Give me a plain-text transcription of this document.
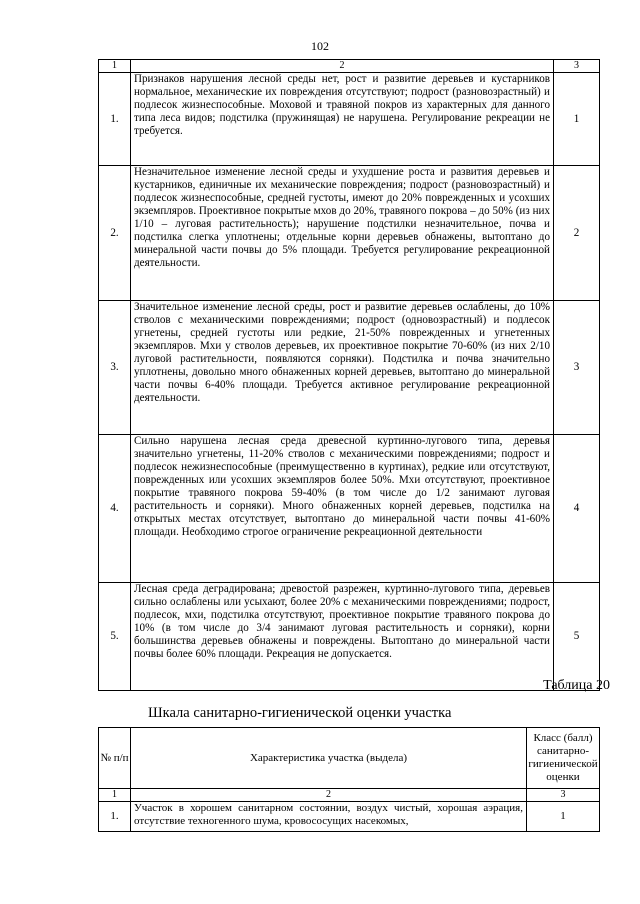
102
1	2	3
1.	Признаков нарушения лесной среды нет, рост и развитие деревьев и кустарников нормальное, механические их повреждения отсутствуют; подрост (разновозрастный) и подлесок жизнеспособные. Моховой и травяной покров из характерных для данного типа леса видов; подстилка (пружинящая) не нарушена. Регулирование рекреации не требуется.	1
2.	Незначительное изменение лесной среды и ухудшение роста и развития деревьев и кустарников, единичные их механические повреждения; подрост (разновозрастный) и подлесок жизнеспособные, средней густоты, имеют до 20% поврежденных и усохших экземпляров. Проективное покрытые мхов до 20%, травяного покрова – до 50% (из них 1/10 – луговая растительность); нарушение подстилки незначительное, почва и подстилка слегка уплотнены; отдельные корни деревьев обнажены, вытоптано до минеральной части почвы до 5% площади. Требуется регулирование рекреационной деятельности.	2
3.	Значительное изменение лесной среды, рост и развитие деревьев ослаблены, до 10% стволов с механическими повреждениями; подрост (одновозрастный) и подлесок угнетены, средней густоты или редкие, 21-50% поврежденных и угнетенных экземпляров. Мхи у стволов деревьев, их проективное покрытие 70-60% (из них 2/10 луговой растительности, появляются сорняки). Подстилка и почва значительно уплотнены, довольно много обнаженных корней деревьев, вытоптано до минеральной части почвы 6-40% площади. Требуется активное регулирование рекреационной деятельности.	3
4.	Сильно нарушена лесная среда древесной куртинно-лугового типа, деревья значительно угнетены, 11-20% стволов с механическими повреждениями; подрост и подлесок нежизнеспособные (преимущественно в куртинах), редкие или отсутствуют, поврежденных или усохших экземпляров более 50%. Мхи отсутствуют, проективное покрытие травяного покрова 59-40% (в том числе до 1/2 занимают луговая растительность и сорняки). Много обнаженных корней деревьев, подстилка на открытых местах отсутствует, вытоптано до минеральной части почвы 41-60% площади. Необходимо строгое ограничение рекреационной деятельности	4
5.	Лесная среда деградирована; древостой разрежен, куртинно-лугового типа, деревьев сильно ослаблены или усыхают, более 20% с механическими повреждениями; подрост, подлесок, мхи, подстилка отсутствуют, проективное покрытие травяного покрова до 10% (в том числе до 3/4 занимают луговая растительность и сорняки), корни большинства деревьев обнажены и повреждены. Вытоптано до минеральной части почвы более 60% площади. Рекреация не допускается.	5
Таблица 20
Шкала санитарно-гигиенической оценки участка
№ п/п	Характеристика участка (выдела)	Класс (балл) санитарно-гигиенической оценки
1	2	3
1.	Участок в хорошем санитарном состоянии, воздух чистый, хорошая аэрация, отсутствие техногенного шума, кровососущих насекомых,	1
